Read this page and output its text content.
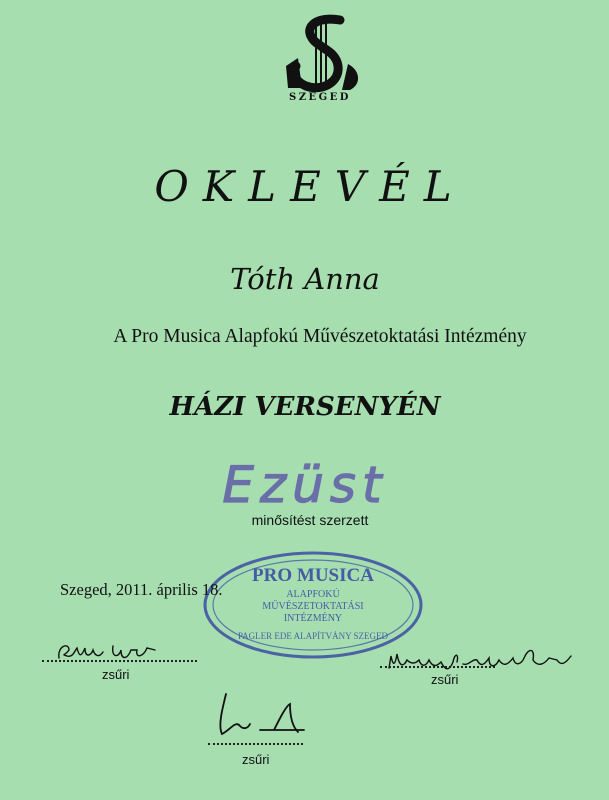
SZEGED
OKLEVÉL
Tóth Anna
A Pro Musica Alapfokú Művészetoktatási Intézmény
HÁZI VERSENYÉN
PRO MUSICA
ALAPFOKÚ
MŰVÉSZETOKTATÁSI
INTÉZMÉNY
PAGLER EDE ALAPÍTVÁNY SZEGED
Ezüst
minősítést szerzett
Szeged, 2011. április 18.
zsűri	zsűri
zsűri
